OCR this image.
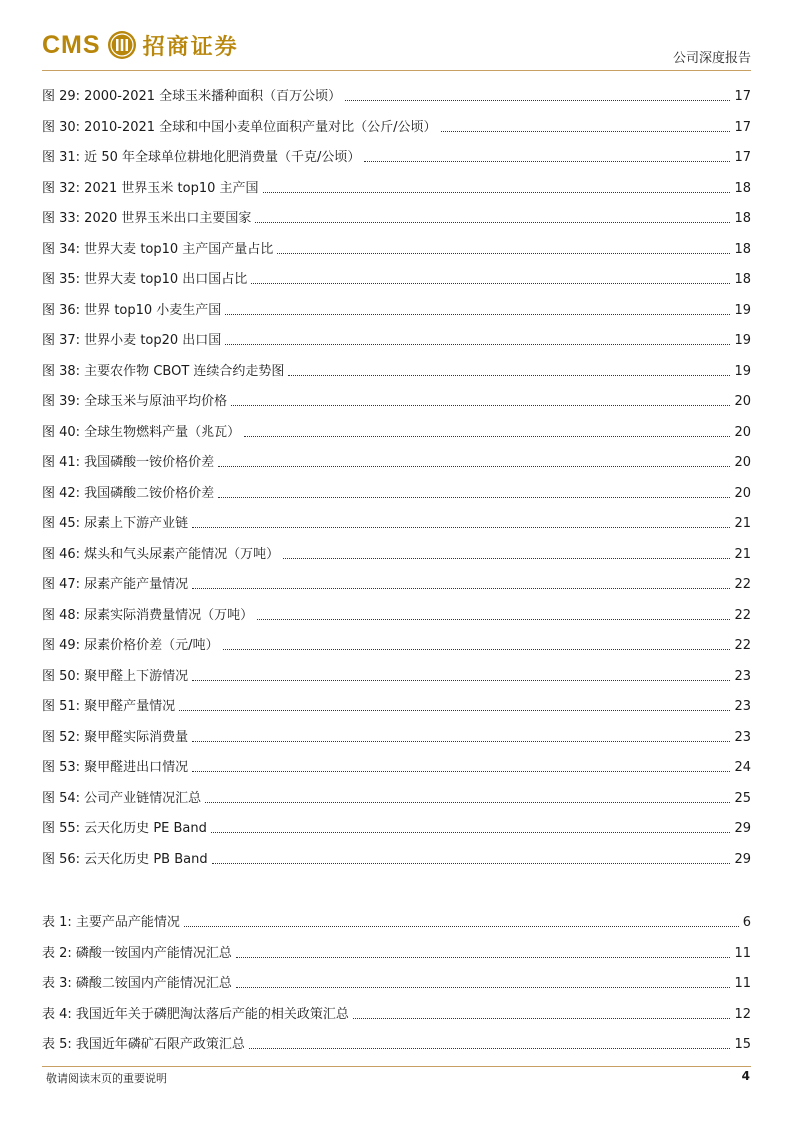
CMS 招商证券	公司深度报告
图 29: 2000-2021 全球玉米播种面积（百万公顷）	17
图 30: 2010-2021 全球和中国小麦单位面积产量对比（公斤/公顷）	17
图 31: 近 50 年全球单位耕地化肥消费量（千克/公顷）	17
图 32: 2021 世界玉米 top10 主产国	18
图 33: 2020 世界玉米出口主要国家	18
图 34: 世界大麦 top10 主产国产量占比	18
图 35: 世界大麦 top10 出口国占比	18
图 36: 世界 top10 小麦生产国	19
图 37: 世界小麦 top20 出口国	19
图 38: 主要农作物 CBOT 连续合约走势图	19
图 39: 全球玉米与原油平均价格	20
图 40: 全球生物燃料产量（兆瓦）	20
图 41: 我国磷酸一铵价格价差	20
图 42: 我国磷酸二铵价格价差	20
图 45: 尿素上下游产业链	21
图 46: 煤头和气头尿素产能情况（万吨）	21
图 47: 尿素产能产量情况	22
图 48: 尿素实际消费量情况（万吨）	22
图 49: 尿素价格价差（元/吨）	22
图 50: 聚甲醛上下游情况	23
图 51: 聚甲醛产量情况	23
图 52: 聚甲醛实际消费量	23
图 53: 聚甲醛进出口情况	24
图 54: 公司产业链情况汇总	25
图 55: 云天化历史 PE Band	29
图 56: 云天化历史 PB Band	29
表 1: 主要产品产能情况	6
表 2: 磷酸一铵国内产能情况汇总	11
表 3: 磷酸二铵国内产能情况汇总	11
表 4: 我国近年关于磷肥淘汰落后产能的相关政策汇总	12
表 5: 我国近年磷矿石限产政策汇总	15
敬请阅读末页的重要说明	4
